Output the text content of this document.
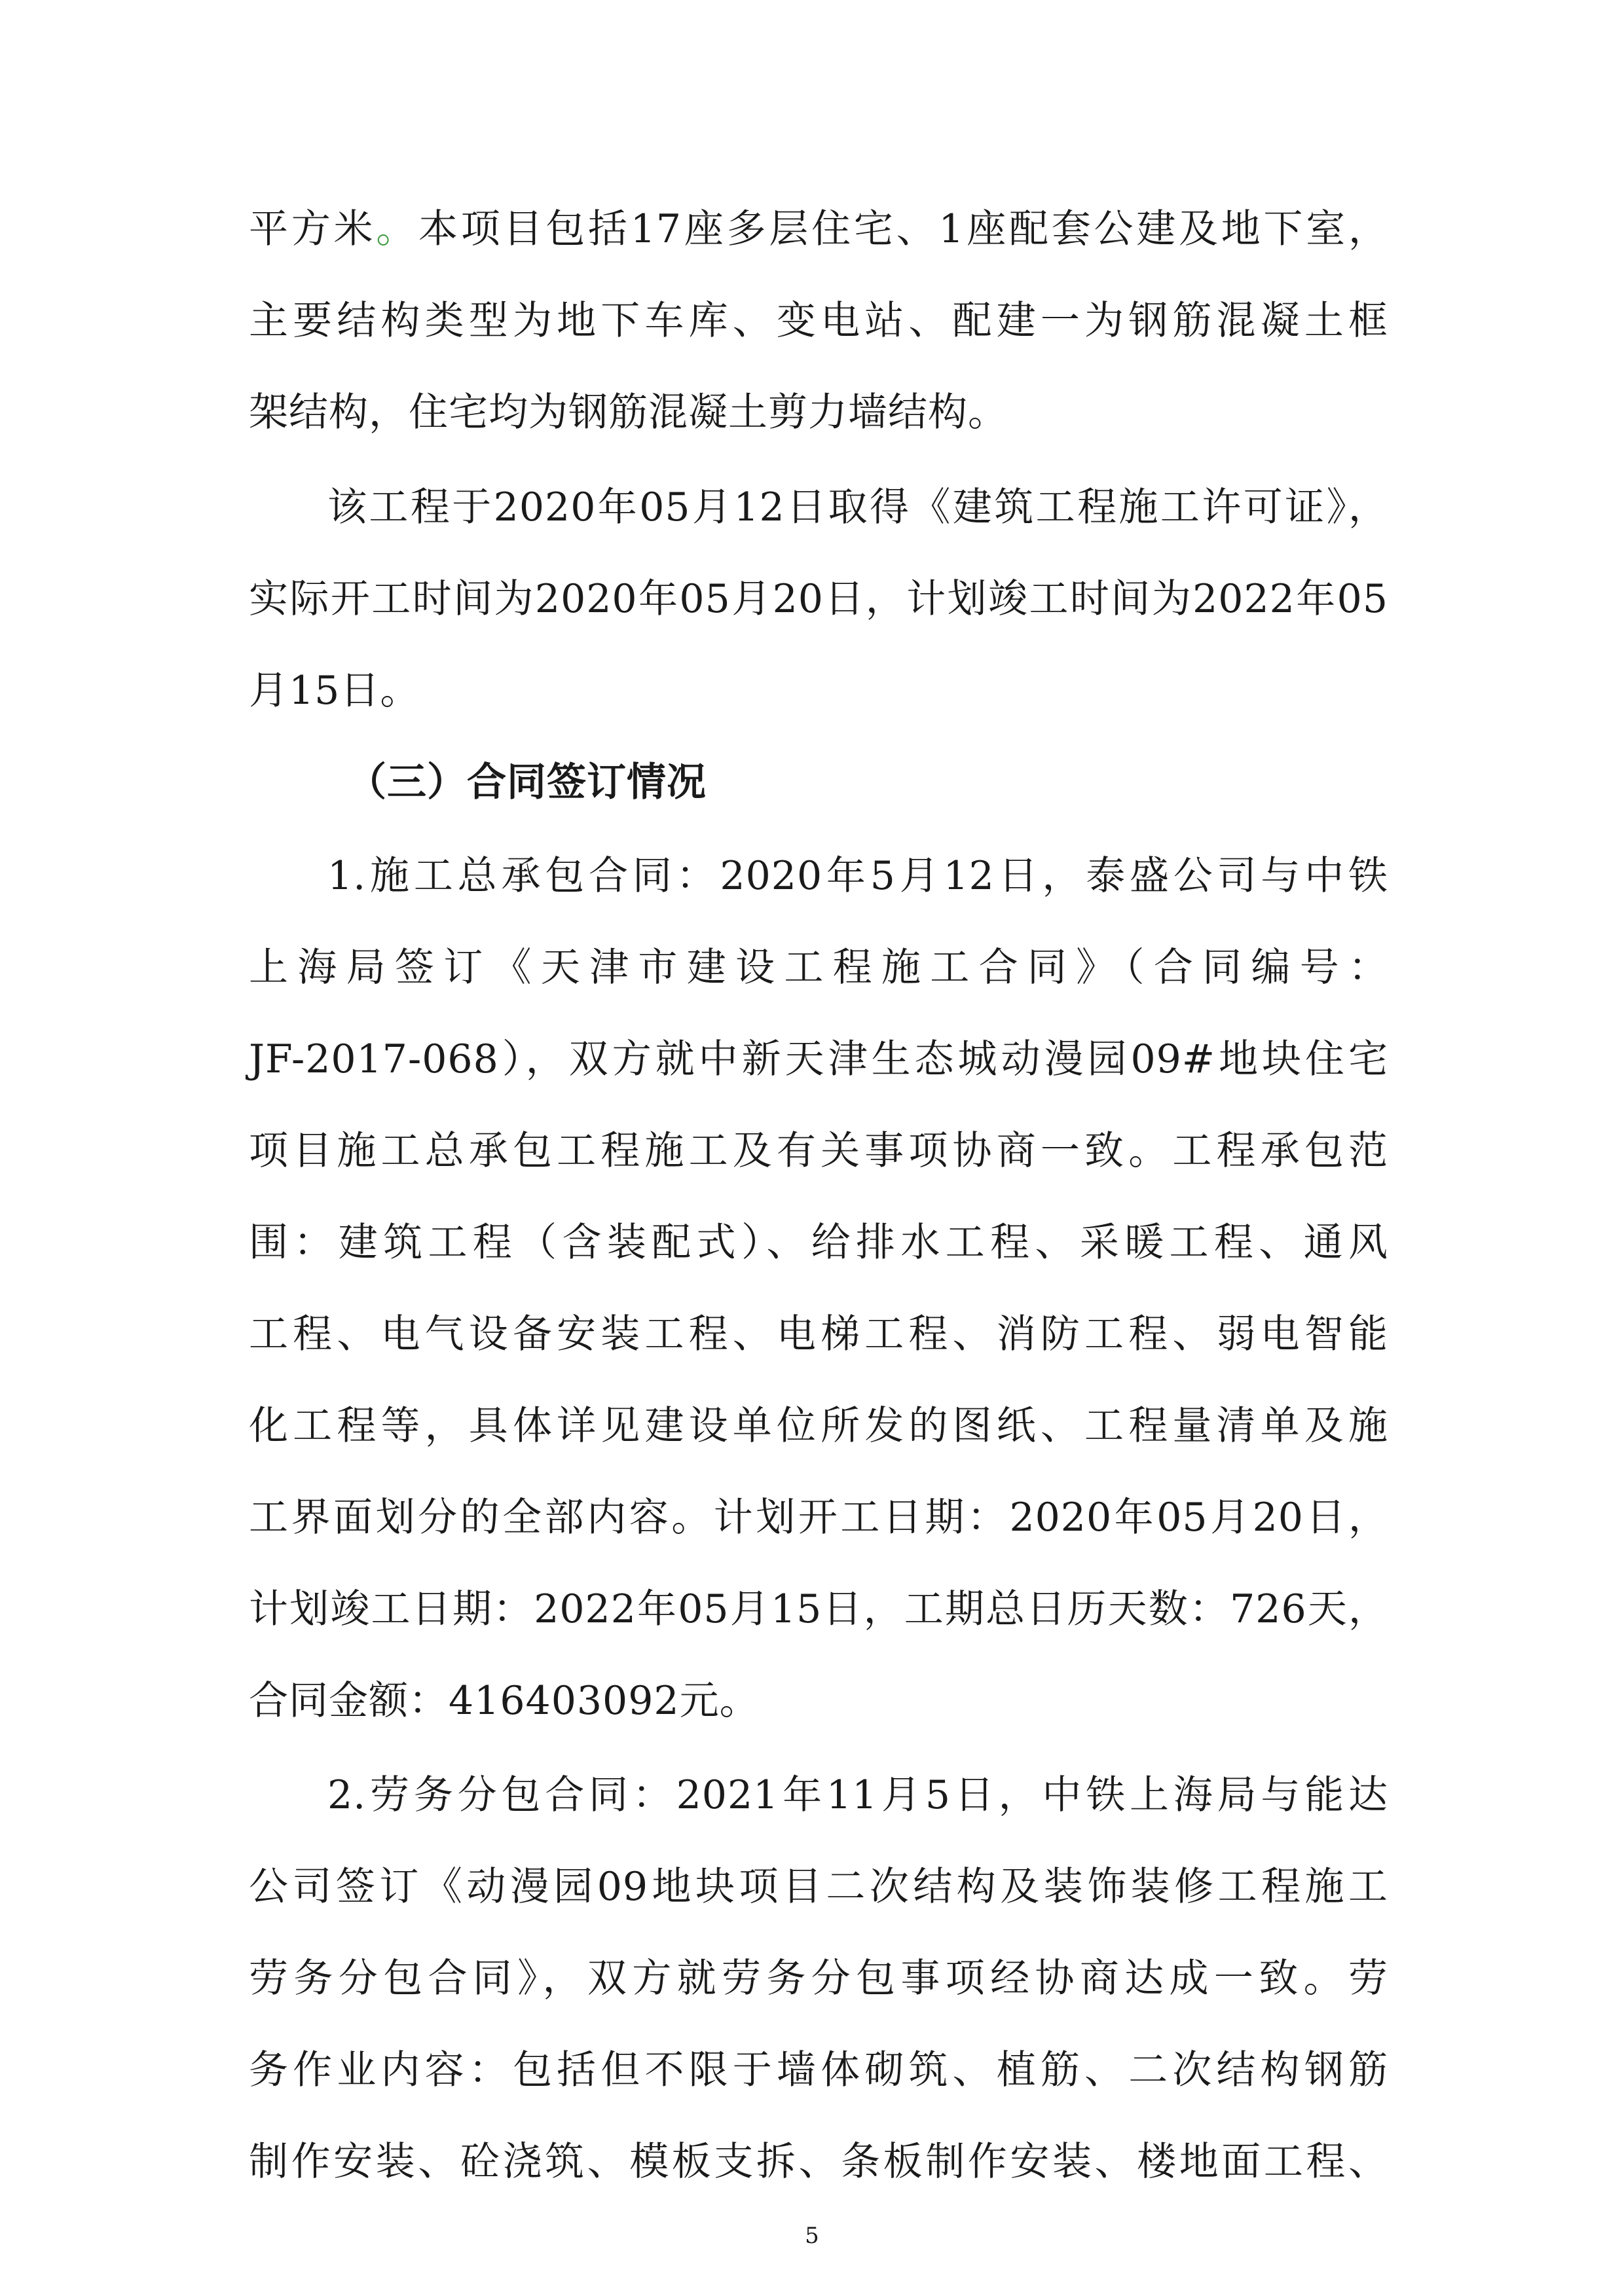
平方米。本项目包括17座多层住宅、1座配套公建及地下室，
主要结构类型为地下车库、变电站、配建一为钢筋混凝土框
架结构，住宅均为钢筋混凝土剪力墙结构。
该工程于2020年05月12日取得《建筑工程施工许可证》，
实际开工时间为2020年05月20日，计划竣工时间为2022年05
月15日。
（三）合同签订情况
1.施工总承包合同：2020年5月12日，泰盛公司与中铁
上海局签订《天津市建设工程施工合同》（合同编号：
JF-2017-068），双方就中新天津生态城动漫园09#地块住宅
项目施工总承包工程施工及有关事项协商一致。工程承包范
围：建筑工程（含装配式）、给排水工程、采暖工程、通风
工程、电气设备安装工程、电梯工程、消防工程、弱电智能
化工程等，具体详见建设单位所发的图纸、工程量清单及施
工界面划分的全部内容。计划开工日期：2020年05月20日，
计划竣工日期：2022年05月15日，工期总日历天数：726天，
合同金额：416403092元。
2.劳务分包合同：2021年11月5日，中铁上海局与能达
公司签订《动漫园09地块项目二次结构及装饰装修工程施工
劳务分包合同》，双方就劳务分包事项经协商达成一致。劳
务作业内容：包括但不限于墙体砌筑、植筋、二次结构钢筋
制作安装、砼浇筑、模板支拆、条板制作安装、楼地面工程、
5
